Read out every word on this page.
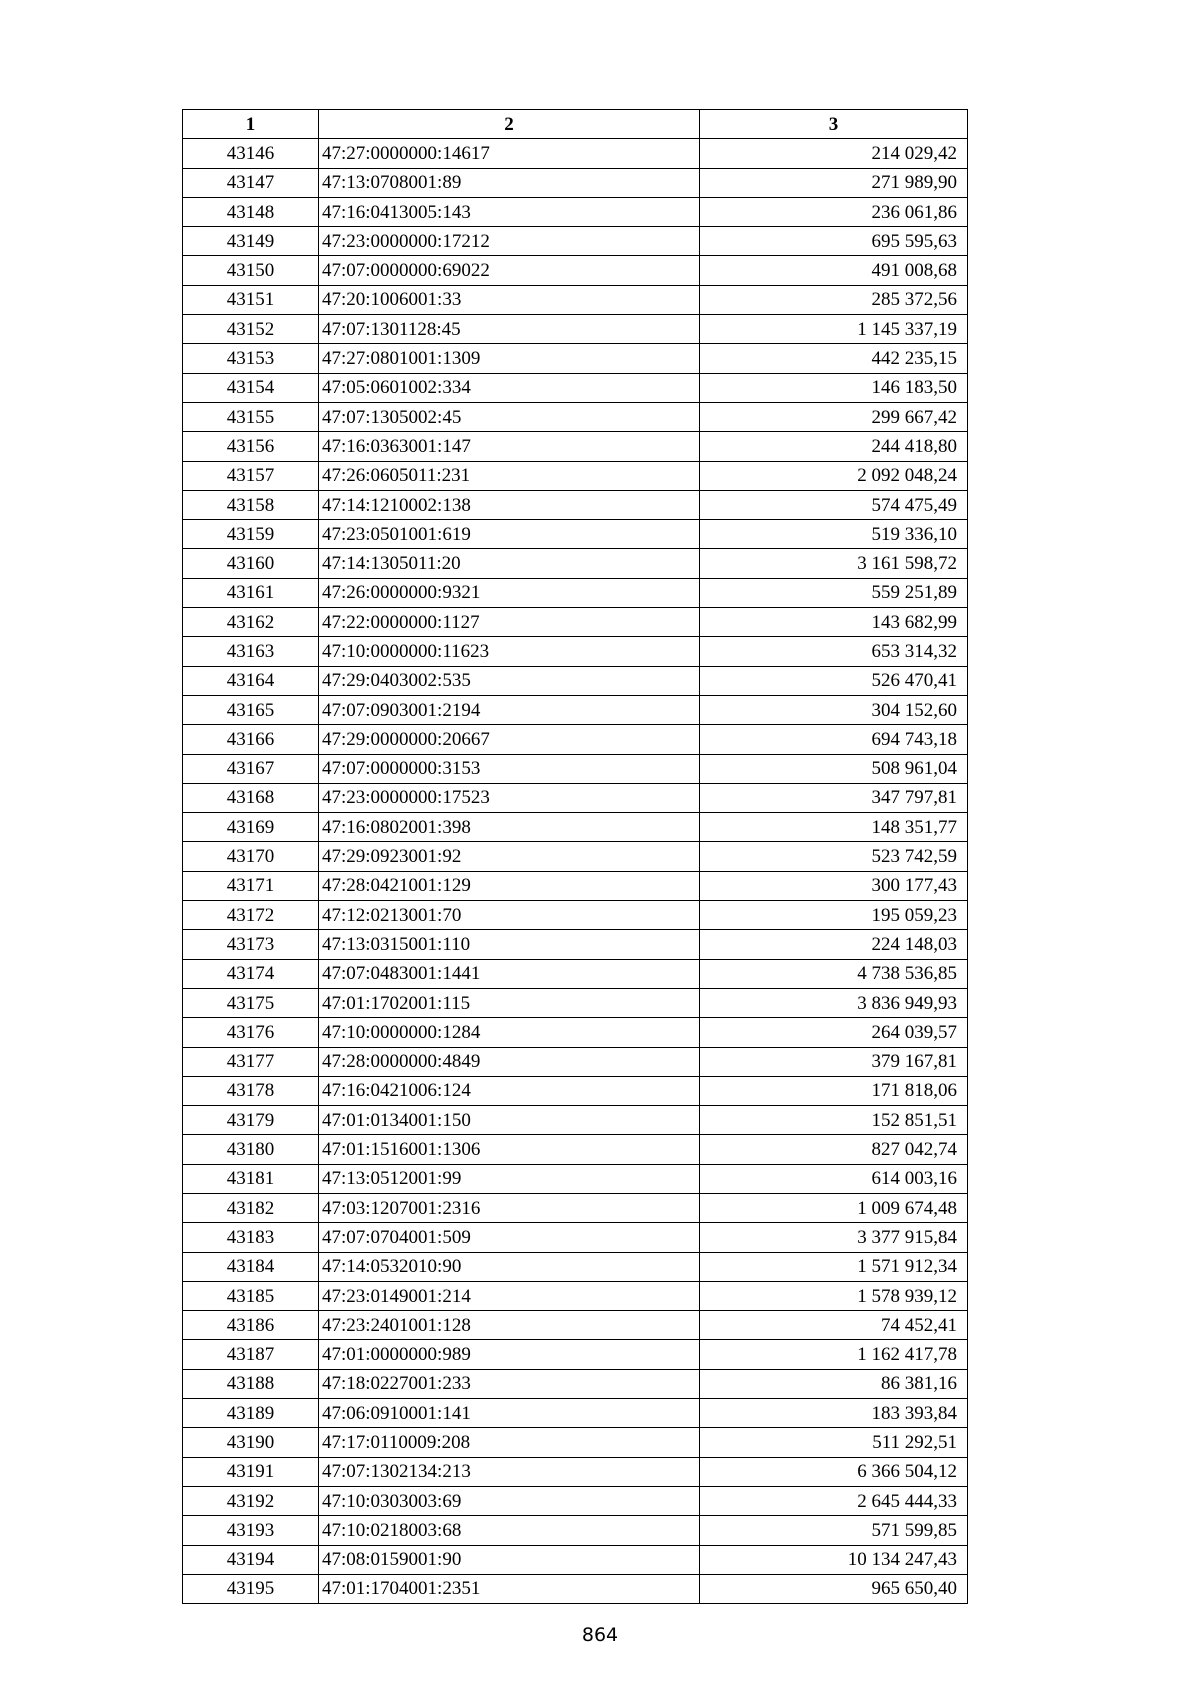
1	2	3
43146	47:27:0000000:14617	214 029,42
43147	47:13:0708001:89	271 989,90
43148	47:16:0413005:143	236 061,86
43149	47:23:0000000:17212	695 595,63
43150	47:07:0000000:69022	491 008,68
43151	47:20:1006001:33	285 372,56
43152	47:07:1301128:45	1 145 337,19
43153	47:27:0801001:1309	442 235,15
43154	47:05:0601002:334	146 183,50
43155	47:07:1305002:45	299 667,42
43156	47:16:0363001:147	244 418,80
43157	47:26:0605011:231	2 092 048,24
43158	47:14:1210002:138	574 475,49
43159	47:23:0501001:619	519 336,10
43160	47:14:1305011:20	3 161 598,72
43161	47:26:0000000:9321	559 251,89
43162	47:22:0000000:1127	143 682,99
43163	47:10:0000000:11623	653 314,32
43164	47:29:0403002:535	526 470,41
43165	47:07:0903001:2194	304 152,60
43166	47:29:0000000:20667	694 743,18
43167	47:07:0000000:3153	508 961,04
43168	47:23:0000000:17523	347 797,81
43169	47:16:0802001:398	148 351,77
43170	47:29:0923001:92	523 742,59
43171	47:28:0421001:129	300 177,43
43172	47:12:0213001:70	195 059,23
43173	47:13:0315001:110	224 148,03
43174	47:07:0483001:1441	4 738 536,85
43175	47:01:1702001:115	3 836 949,93
43176	47:10:0000000:1284	264 039,57
43177	47:28:0000000:4849	379 167,81
43178	47:16:0421006:124	171 818,06
43179	47:01:0134001:150	152 851,51
43180	47:01:1516001:1306	827 042,74
43181	47:13:0512001:99	614 003,16
43182	47:03:1207001:2316	1 009 674,48
43183	47:07:0704001:509	3 377 915,84
43184	47:14:0532010:90	1 571 912,34
43185	47:23:0149001:214	1 578 939,12
43186	47:23:2401001:128	74 452,41
43187	47:01:0000000:989	1 162 417,78
43188	47:18:0227001:233	86 381,16
43189	47:06:0910001:141	183 393,84
43190	47:17:0110009:208	511 292,51
43191	47:07:1302134:213	6 366 504,12
43192	47:10:0303003:69	2 645 444,33
43193	47:10:0218003:68	571 599,85
43194	47:08:0159001:90	10 134 247,43
43195	47:01:1704001:2351	965 650,40
864
